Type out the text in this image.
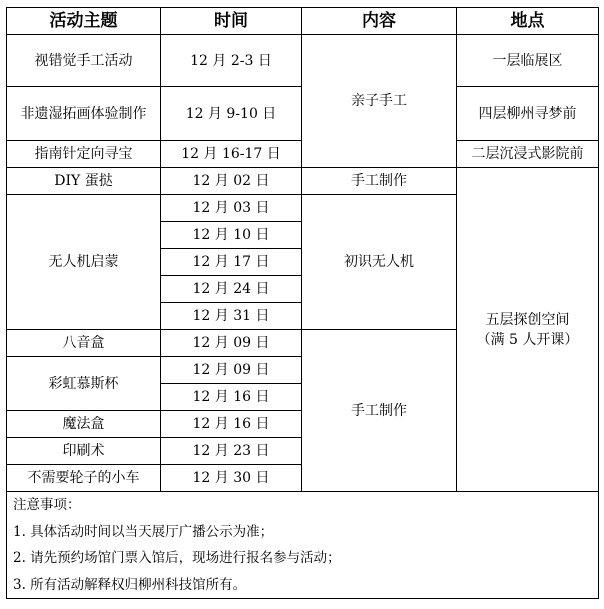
活动主题	时间	内容	地点
视错觉手工活动	12 月 2-3 日	亲子手工	一层临展区
非遗湿拓画体验制作	12 月 9-10 日		四层柳州寻梦前
指南针定向寻宝	12 月 16-17 日		二层沉浸式影院前
DIY 蛋挞	12 月 02 日	手工制作	五层探创空间
（满 5 人开课）

无人机启蒙	12 月 03 日	初识无人机	
	12 月 10 日		
	12 月 17 日		
	12 月 24 日		
	12 月 31 日		
八音盒	12 月 09 日	手工制作	
彩虹慕斯杯	12 月 09 日		
	12 月 16 日		
魔法盒	12 月 16 日		
印刷术	12 月 23 日		
不需要轮子的小车	12 月 30 日		

注意事项：
1. 具体活动时间以当天展厅广播公示为准；
2. 请先预约场馆门票入馆后，现场进行报名参与活动；
3. 所有活动解释权归柳州科技馆所有。			
